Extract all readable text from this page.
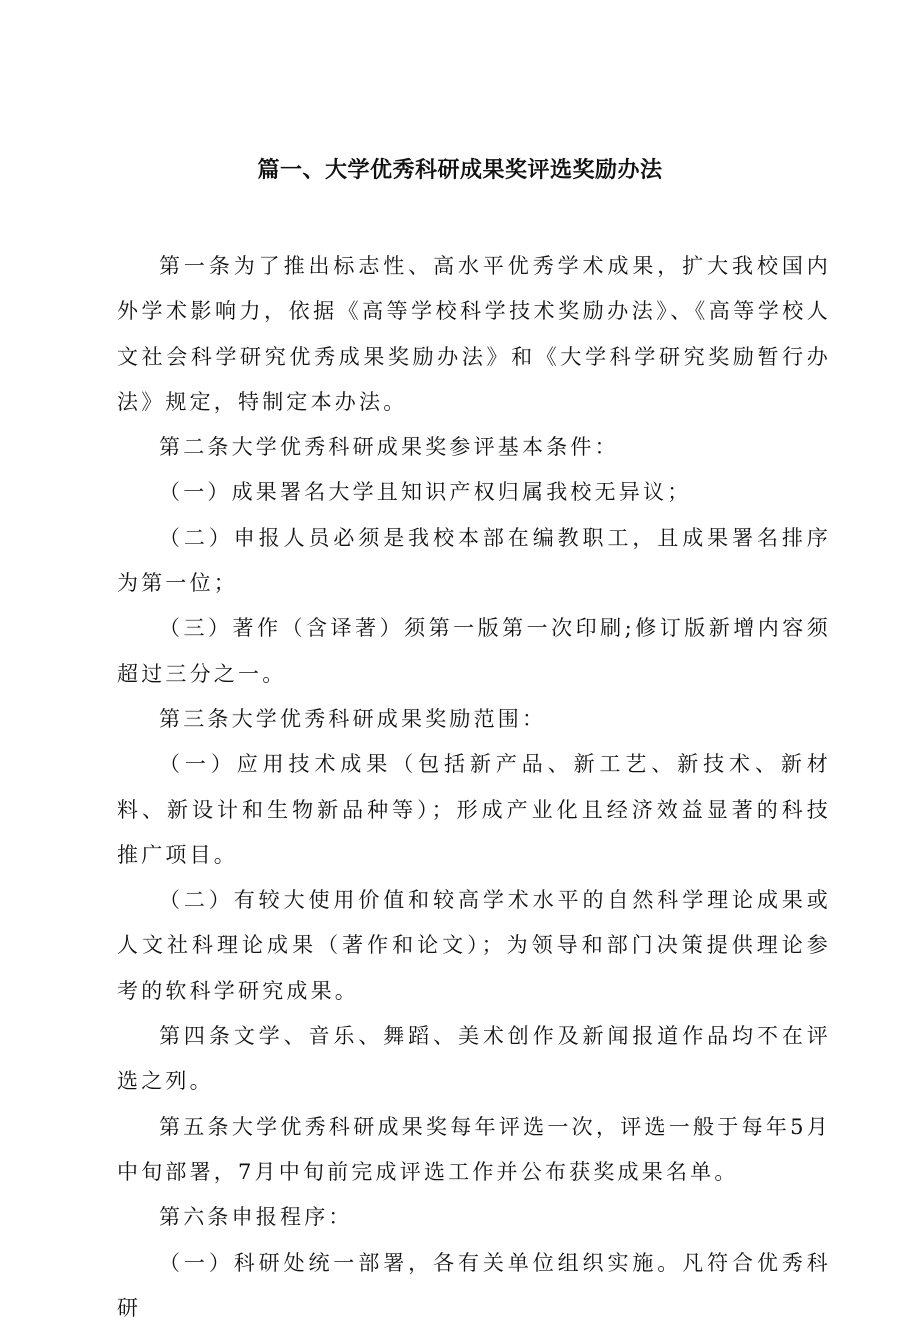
篇一、大学优秀科研成果奖评选奖励办法

第一条为了推出标志性、高水平优秀学术成果，扩大我校国内外学术影响力，依据《高等学校科学技术奖励办法》、《高等学校人文社会科学研究优秀成果奖励办法》和《大学科学研究奖励暂行办法》规定，特制定本办法。

第二条大学优秀科研成果奖参评基本条件：

（一）成果署名大学且知识产权归属我校无异议；

（二）申报人员必须是我校本部在编教职工，且成果署名排序为第一位；

（三）著作（含译著）须第一版第一次印刷;修订版新增内容须超过三分之一。

第三条大学优秀科研成果奖励范围：

（一）应用技术成果（包括新产品、新工艺、新技术、新材料、新设计和生物新品种等）；形成产业化且经济效益显著的科技推广项目。

（二）有较大使用价值和较高学术水平的自然科学理论成果或人文社科理论成果（著作和论文）；为领导和部门决策提供理论参考的软科学研究成果。

第四条文学、音乐、舞蹈、美术创作及新闻报道作品均不在评选之列。

第五条大学优秀科研成果奖每年评选一次，评选一般于每年5月中旬部署，7月中旬前完成评选工作并公布获奖成果名单。

第六条申报程序：

（一）科研处统一部署，各有关单位组织实施。凡符合优秀科研
